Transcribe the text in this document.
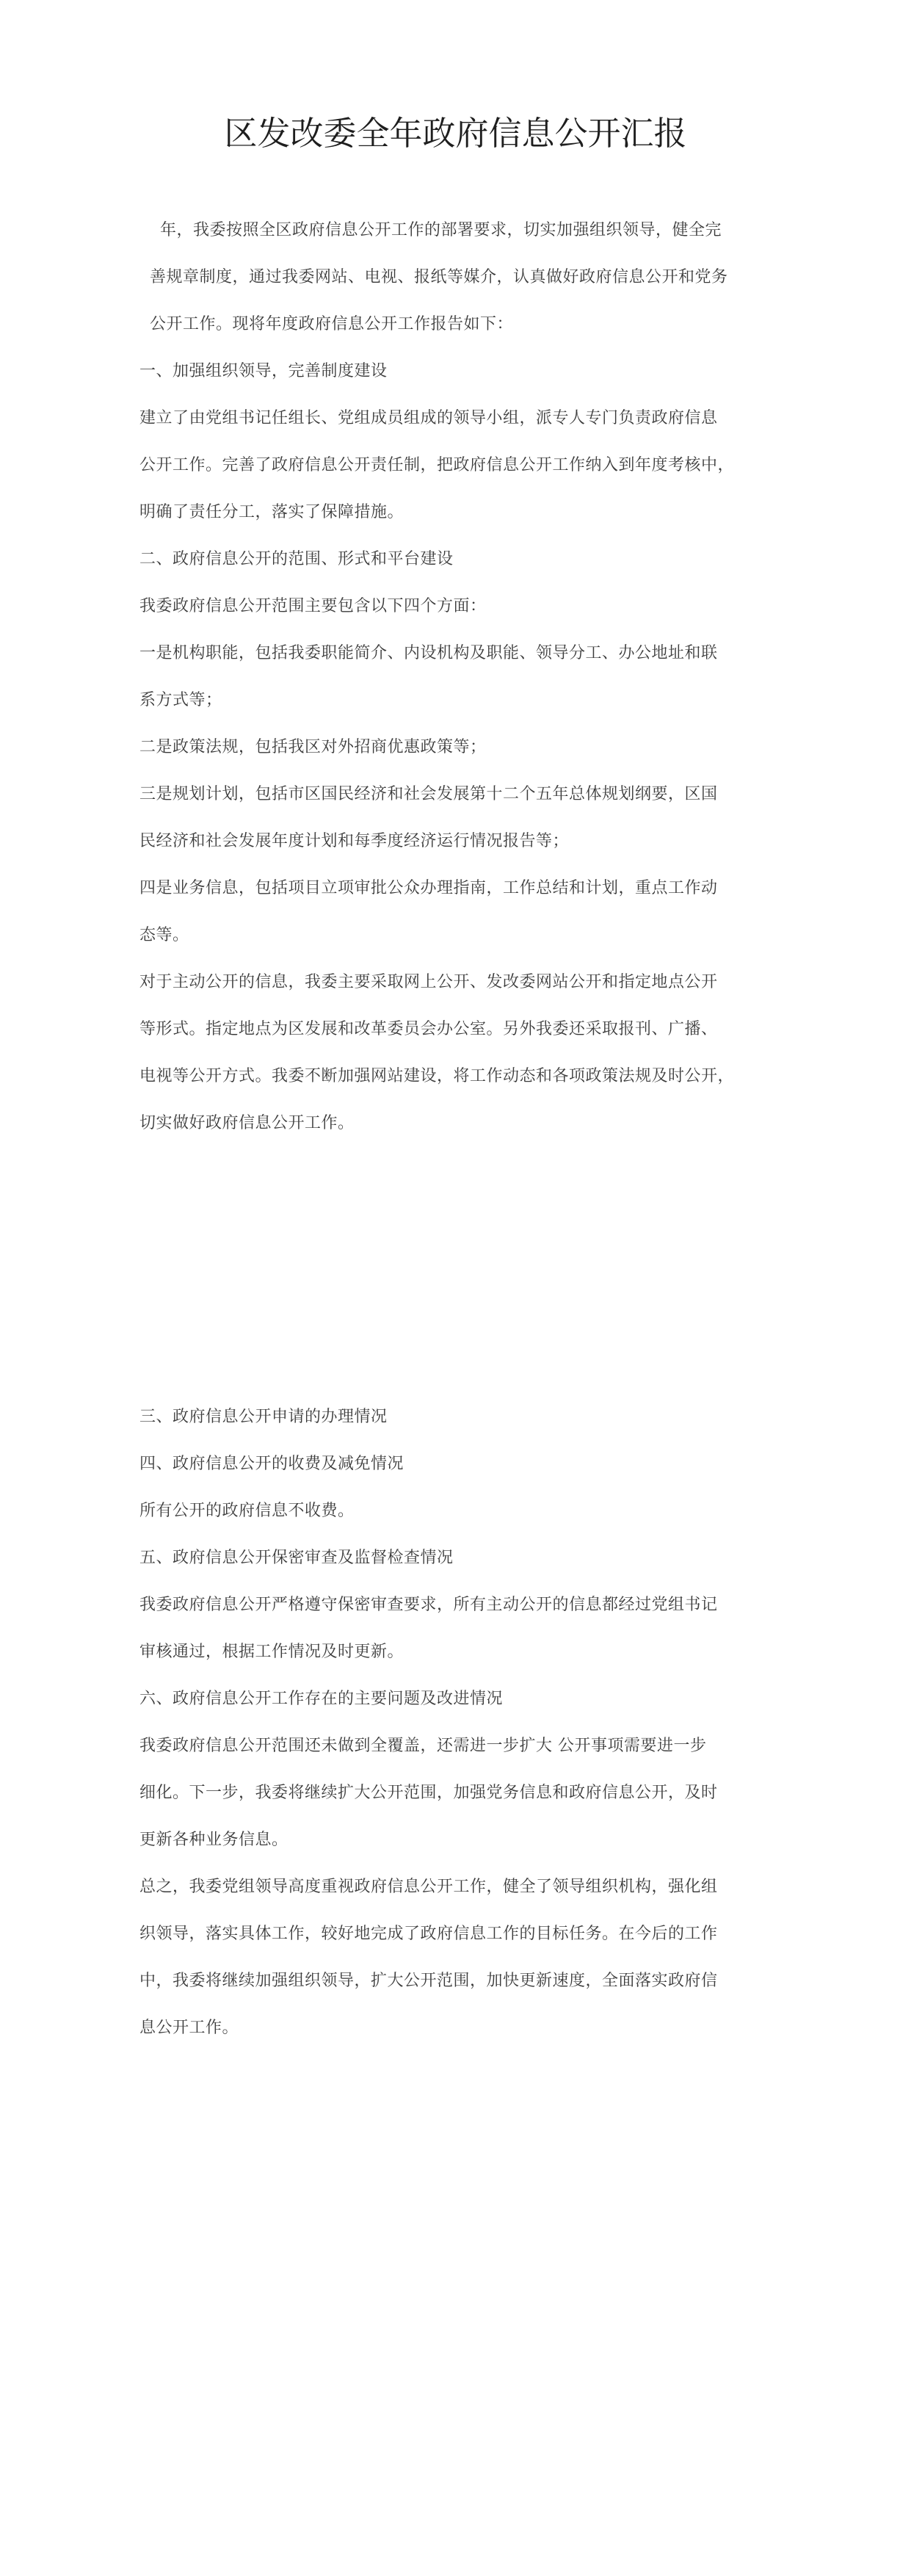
区发改委全年政府信息公开汇报

年，我委按照全区政府信息公开工作的部署要求，切实加强组织领导，健全完
善规章制度，通过我委网站、电视、报纸等媒介，认真做好政府信息公开和党务
公开工作。现将年度政府信息公开工作报告如下：

一、加强组织领导，完善制度建设

建立了由党组书记任组长、党组成员组成的领导小组，派专人专门负责政府信息
公开工作。完善了政府信息公开责任制，把政府信息公开工作纳入到年度考核中，
明确了责任分工，落实了保障措施。

二、政府信息公开的范围、形式和平台建设

我委政府信息公开范围主要包含以下四个方面：

一是机构职能，包括我委职能简介、内设机构及职能、领导分工、办公地址和联
系方式等；

二是政策法规，包括我区对外招商优惠政策等；

三是规划计划，包括市区国民经济和社会发展第十二个五年总体规划纲要，区国
民经济和社会发展年度计划和每季度经济运行情况报告等；

四是业务信息，包括项目立项审批公众办理指南，工作总结和计划，重点工作动
态等。

对于主动公开的信息，我委主要采取网上公开、发改委网站公开和指定地点公开
等形式。指定地点为区发展和改革委员会办公室。另外我委还采取报刊、广播、
电视等公开方式。我委不断加强网站建设，将工作动态和各项政策法规及时公开，
切实做好政府信息公开工作。

三、政府信息公开申请的办理情况

四、政府信息公开的收费及减免情况

所有公开的政府信息不收费。

五、政府信息公开保密审查及监督检查情况

我委政府信息公开严格遵守保密审查要求，所有主动公开的信息都经过党组书记
审核通过，根据工作情况及时更新。

六、政府信息公开工作存在的主要问题及改进情况

我委政府信息公开范围还未做到全覆盖，还需进一步扩大 公开事项需要进一步
细化。下一步，我委将继续扩大公开范围，加强党务信息和政府信息公开，及时
更新各种业务信息。

总之，我委党组领导高度重视政府信息公开工作，健全了领导组织机构，强化组
织领导，落实具体工作，较好地完成了政府信息工作的目标任务。在今后的工作
中，我委将继续加强组织领导，扩大公开范围，加快更新速度，全面落实政府信
息公开工作。
